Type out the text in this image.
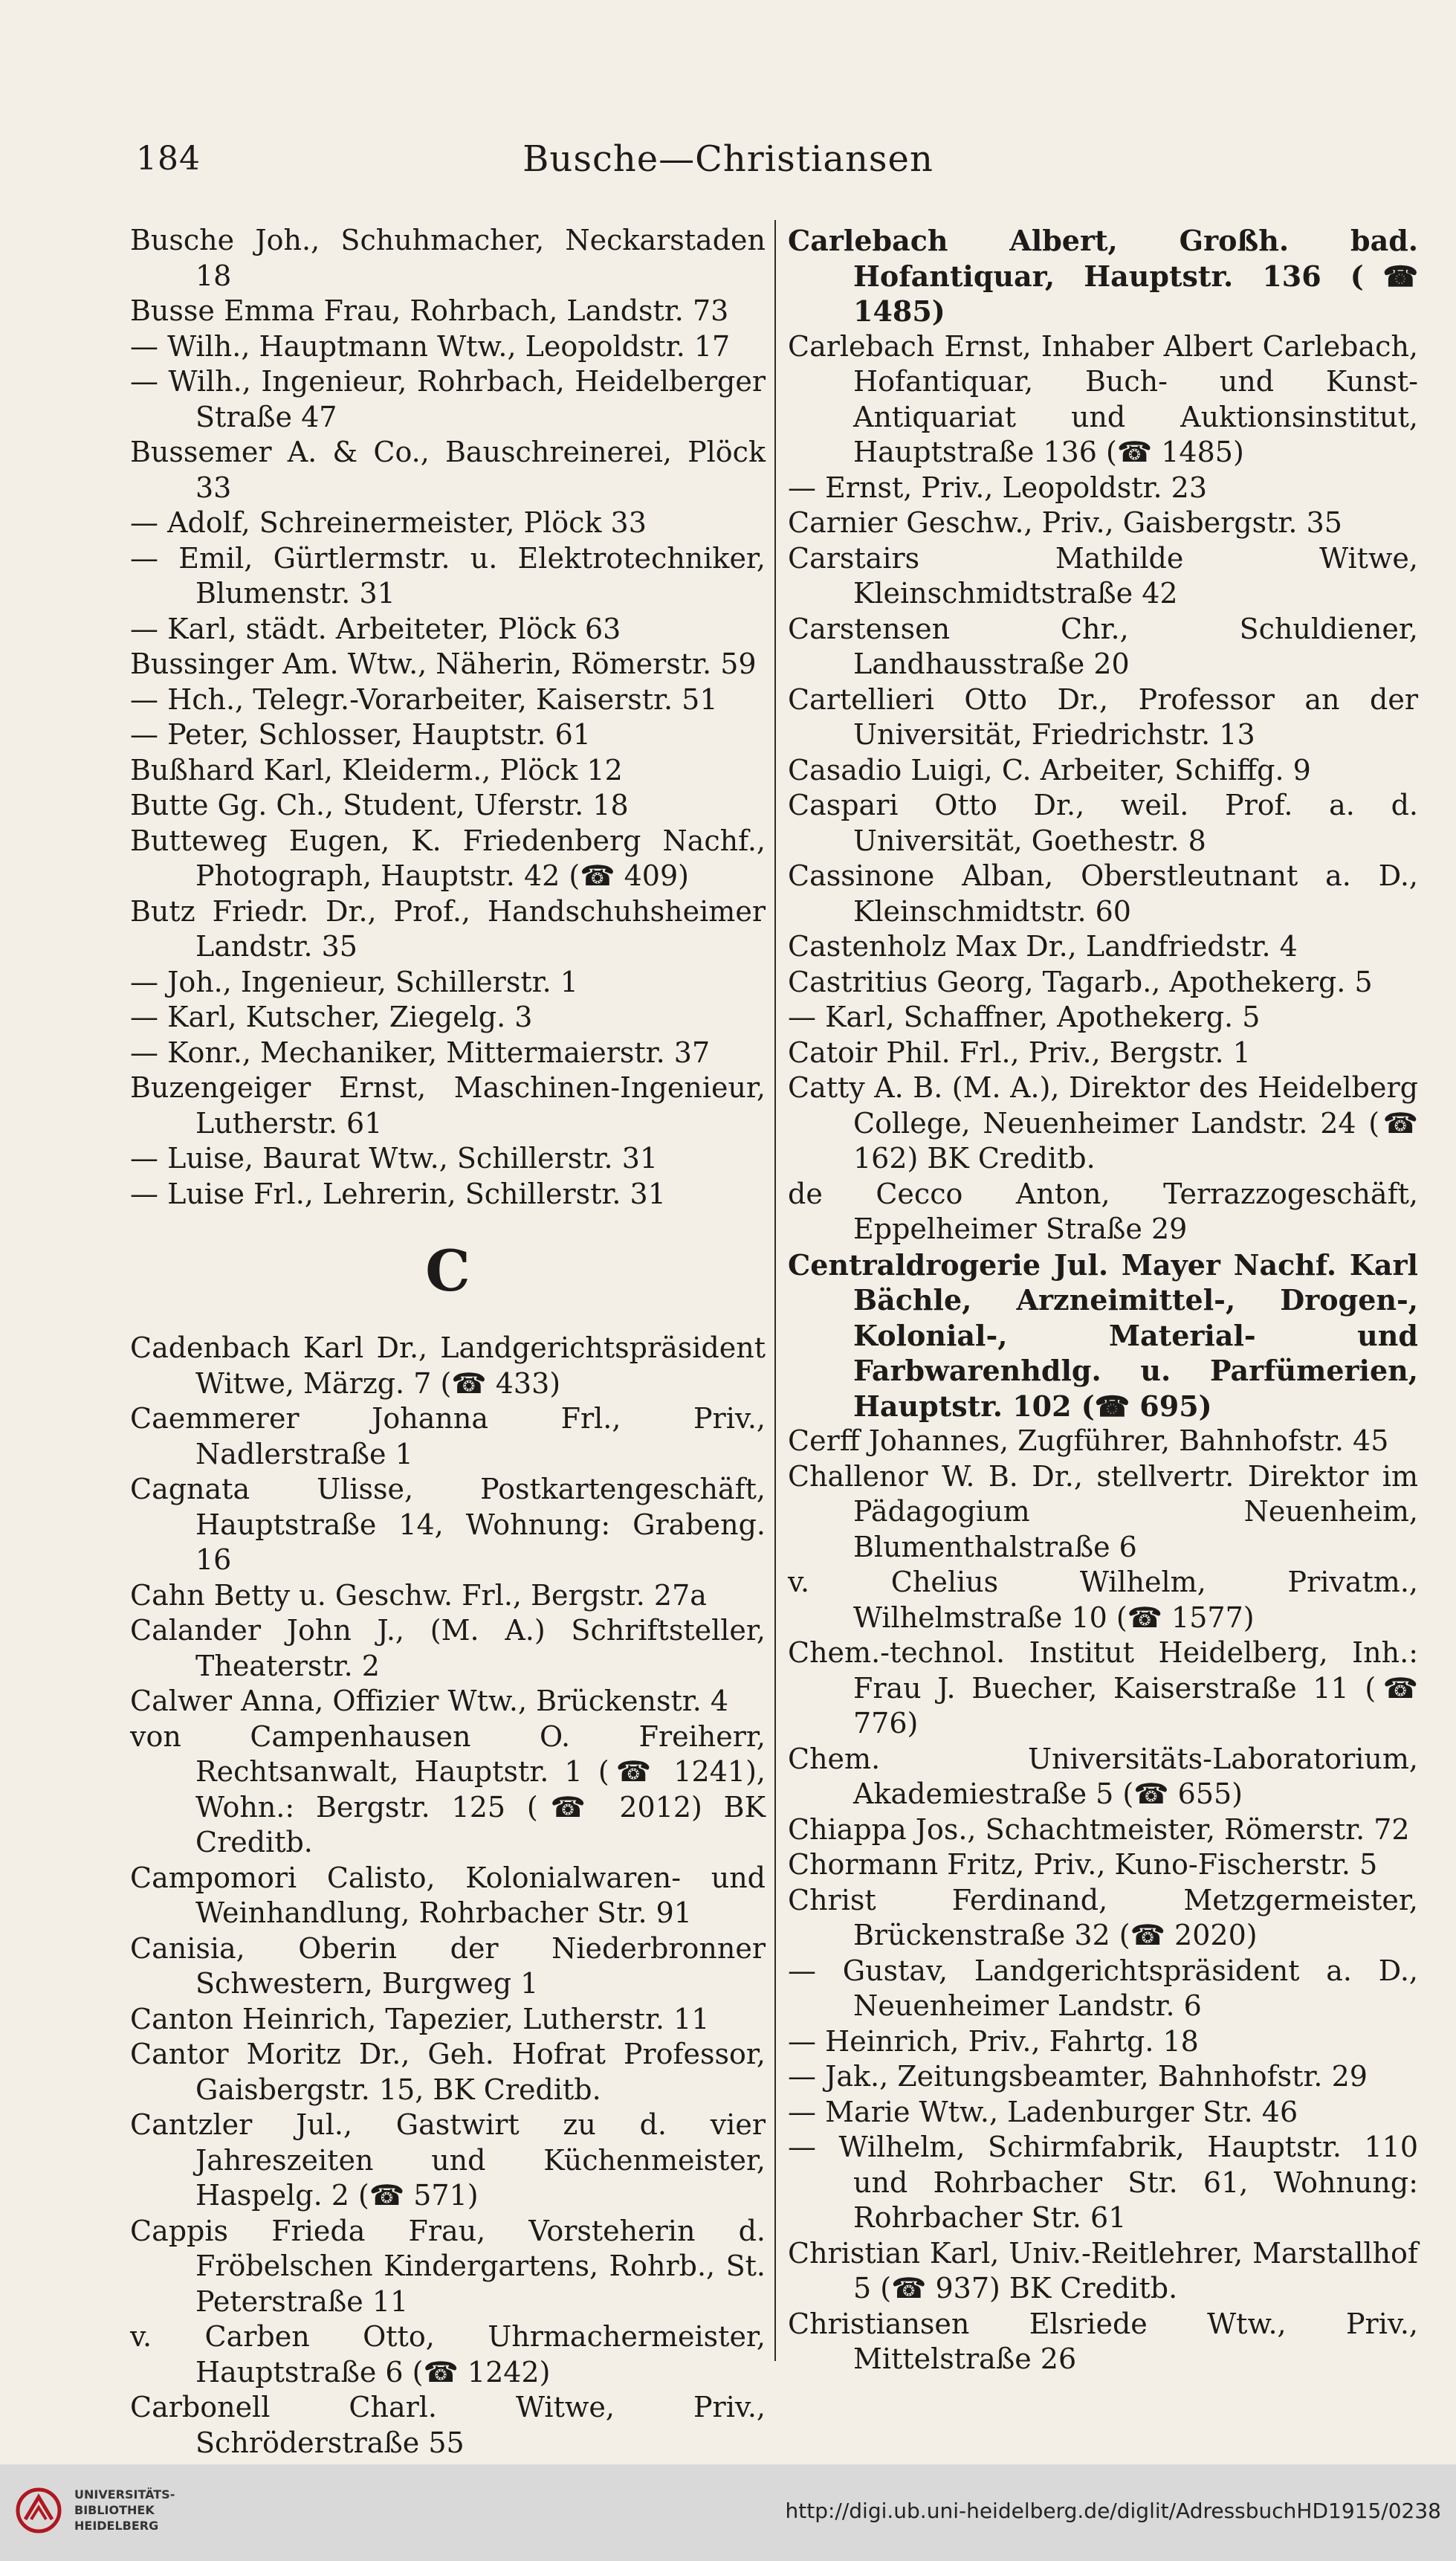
184	Busche—Christiansen
Busche Joh., Schuhmacher, Neckarstaden 18
Busse Emma Frau, Rohrbach, Landstr. 73
— Wilh., Hauptmann Wtw., Leopoldstr. 17
— Wilh., Ingenieur, Rohrbach, Heidelberger Straße 47
Bussemer A. & Co., Bauschreinerei, Plöck 33
— Adolf, Schreinermeister, Plöck 33
— Emil, Gürtlermstr. u. Elektrotechniker, Blumenstr. 31
— Karl, städt. Arbeiteter, Plöck 63
Bussinger Am. Wtw., Näherin, Römerstr. 59
— Hch., Telegr.-Vorarbeiter, Kaiserstr. 51
— Peter, Schlosser, Hauptstr. 61
Bußhard Karl, Kleiderm., Plöck 12
Butte Gg. Ch., Student, Uferstr. 18
Butteweg Eugen, K. Friedenberg Nachf., Photograph, Hauptstr. 42 (☎ 409)
Butz Friedr. Dr., Prof., Handschuhsheimer Landstr. 35
— Joh., Ingenieur, Schillerstr. 1
— Karl, Kutscher, Ziegelg. 3
— Konr., Mechaniker, Mittermaierstr. 37
Buzengeiger Ernst, Maschinen-Ingenieur, Lutherstr. 61
— Luise, Baurat Wtw., Schillerstr. 31
— Luise Frl., Lehrerin, Schillerstr. 31
C
Cadenbach Karl Dr., Landgerichtspräsident Witwe, Märzg. 7 (☎ 433)
Caemmerer Johanna Frl., Priv., Nadlerstraße 1
Cagnata Ulisse, Postkartengeschäft, Hauptstraße 14, Wohnung: Grabeng. 16
Cahn Betty u. Geschw. Frl., Bergstr. 27a
Calander John J., (M. A.) Schriftsteller, Theaterstr. 2
Calwer Anna, Offizier Wtw., Brückenstr. 4
von Campenhausen O. Freiherr, Rechtsanwalt, Hauptstr. 1 (☎ 1241), Wohn.: Bergstr. 125 (☎ 2012) BK Creditb.
Campomori Calisto, Kolonialwaren- und Weinhandlung, Rohrbacher Str. 91
Canisia, Oberin der Niederbronner Schwestern, Burgweg 1
Canton Heinrich, Tapezier, Lutherstr. 11
Cantor Moritz Dr., Geh. Hofrat Professor, Gaisbergstr. 15, BK Creditb.
Cantzler Jul., Gastwirt zu d. vier Jahreszeiten und Küchenmeister, Haspelg. 2 (☎ 571)
Cappis Frieda Frau, Vorsteherin d. Fröbelschen Kindergartens, Rohrb., St. Peterstraße 11
v. Carben Otto, Uhrmachermeister, Hauptstraße 6 (☎ 1242)
Carbonell Charl. Witwe, Priv., Schröderstraße 55
Carlebach Albert, Großh. bad. Hofantiquar, Hauptstr. 136 (☎ 1485)
Carlebach Ernst, Inhaber Albert Carlebach, Hofantiquar, Buch- und Kunst-Antiquariat und Auktionsinstitut, Hauptstraße 136 (☎ 1485)
— Ernst, Priv., Leopoldstr. 23
Carnier Geschw., Priv., Gaisbergstr. 35
Carstairs Mathilde Witwe, Kleinschmidtstraße 42
Carstensen Chr., Schuldiener, Landhausstraße 20
Cartellieri Otto Dr., Professor an der Universität, Friedrichstr. 13
Casadio Luigi, C. Arbeiter, Schiffg. 9
Caspari Otto Dr., weil. Prof. a. d. Universität, Goethestr. 8
Cassinone Alban, Oberstleutnant a. D., Kleinschmidtstr. 60
Castenholz Max Dr., Landfriedstr. 4
Castritius Georg, Tagarb., Apothekerg. 5
— Karl, Schaffner, Apothekerg. 5
Catoir Phil. Frl., Priv., Bergstr. 1
Catty A. B. (M. A.), Direktor des Heidelberg College, Neuenheimer Landstr. 24 (☎ 162) BK Creditb.
de Cecco Anton, Terrazzogeschäft, Eppelheimer Straße 29
Centraldrogerie Jul. Mayer Nachf. Karl Bächle, Arzneimittel-, Drogen-, Kolonial-, Material- und Farbwarenhdlg. u. Parfümerien, Hauptstr. 102 (☎ 695)
Cerff Johannes, Zugführer, Bahnhofstr. 45
Challenor W. B. Dr., stellvertr. Direktor im Pädagogium Neuenheim, Blumenthalstraße 6
v. Chelius Wilhelm, Privatm., Wilhelmstraße 10 (☎ 1577)
Chem.-technol. Institut Heidelberg, Inh.: Frau J. Buecher, Kaiserstraße 11 (☎ 776)
Chem. Universitäts-Laboratorium, Akademiestraße 5 (☎ 655)
Chiappa Jos., Schachtmeister, Römerstr. 72
Chormann Fritz, Priv., Kuno-Fischerstr. 5
Christ Ferdinand, Metzgermeister, Brückenstraße 32 (☎ 2020)
— Gustav, Landgerichtspräsident a. D., Neuenheimer Landstr. 6
— Heinrich, Priv., Fahrtg. 18
— Jak., Zeitungsbeamter, Bahnhofstr. 29
— Marie Wtw., Ladenburger Str. 46
— Wilhelm, Schirmfabrik, Hauptstr. 110 und Rohrbacher Str. 61, Wohnung: Rohrbacher Str. 61
Christian Karl, Univ.-Reitlehrer, Marstallhof 5 (☎ 937) BK Creditb.
Christiansen Elsriede Wtw., Priv., Mittelstraße 26
UNIVERSITÄTS-
BIBLIOTHEK
HEIDELBERG
http://digi.ub.uni-heidelberg.de/diglit/AdressbuchHD1915/0238
